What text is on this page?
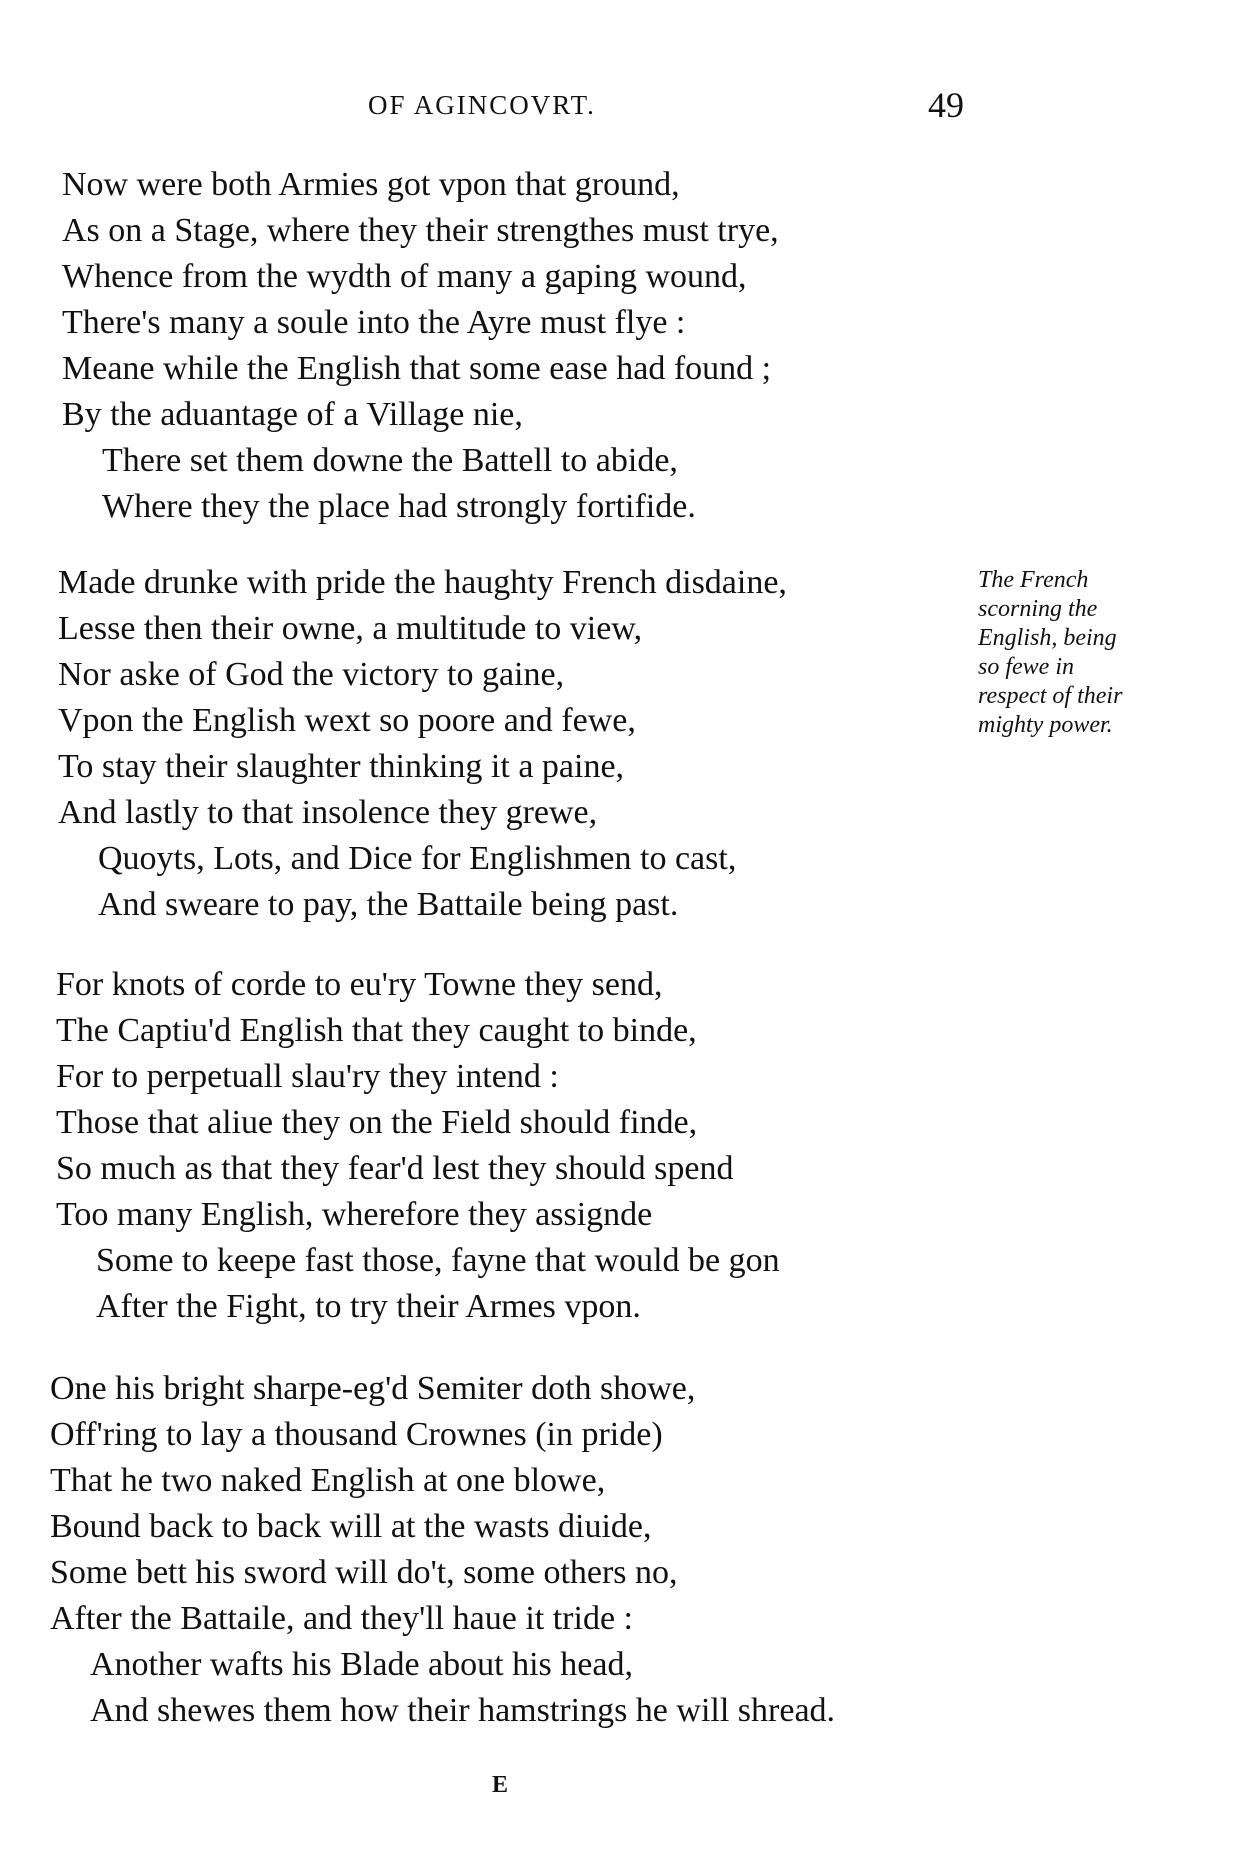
OF AGINCOVRT.	49
Now were both Armies got vpon that ground,
As on a Stage, where they their strengthes must trye,
Whence from the wydth of many a gaping wound,
There's many a soule into the Ayre must flye :
Meane while the English that some ease had found ;
By the aduantage of a Village nie,
There set them downe the Battell to abide,
Where they the place had strongly fortifide.
Made drunke with pride the haughty French disdaine,
Lesse then their owne, a multitude to view,
Nor aske of God the victory to gaine,
Vpon the English wext so poore and fewe,
To stay their slaughter thinking it a paine,
And lastly to that insolence they grewe,
Quoyts, Lots, and Dice for Englishmen to cast,
And sweare to pay, the Battaile being past.
The French
scorning the
English, being
so fewe in
respect of their
mighty power.
For knots of corde to eu'ry Towne they send,
The Captiu'd English that they caught to binde,
For to perpetuall slau'ry they intend :
Those that aliue they on the Field should finde,
So much as that they fear'd lest they should spend
Too many English, wherefore they assignde
Some to keepe fast those, fayne that would be gon
After the Fight, to try their Armes vpon.
One his bright sharpe-eg'd Semiter doth showe,
Off'ring to lay a thousand Crownes (in pride)
That he two naked English at one blowe,
Bound back to back will at the wasts diuide,
Some bett his sword will do't, some others no,
After the Battaile, and they'll haue it tride :
Another wafts his Blade about his head,
And shewes them how their hamstrings he will shread.
E
